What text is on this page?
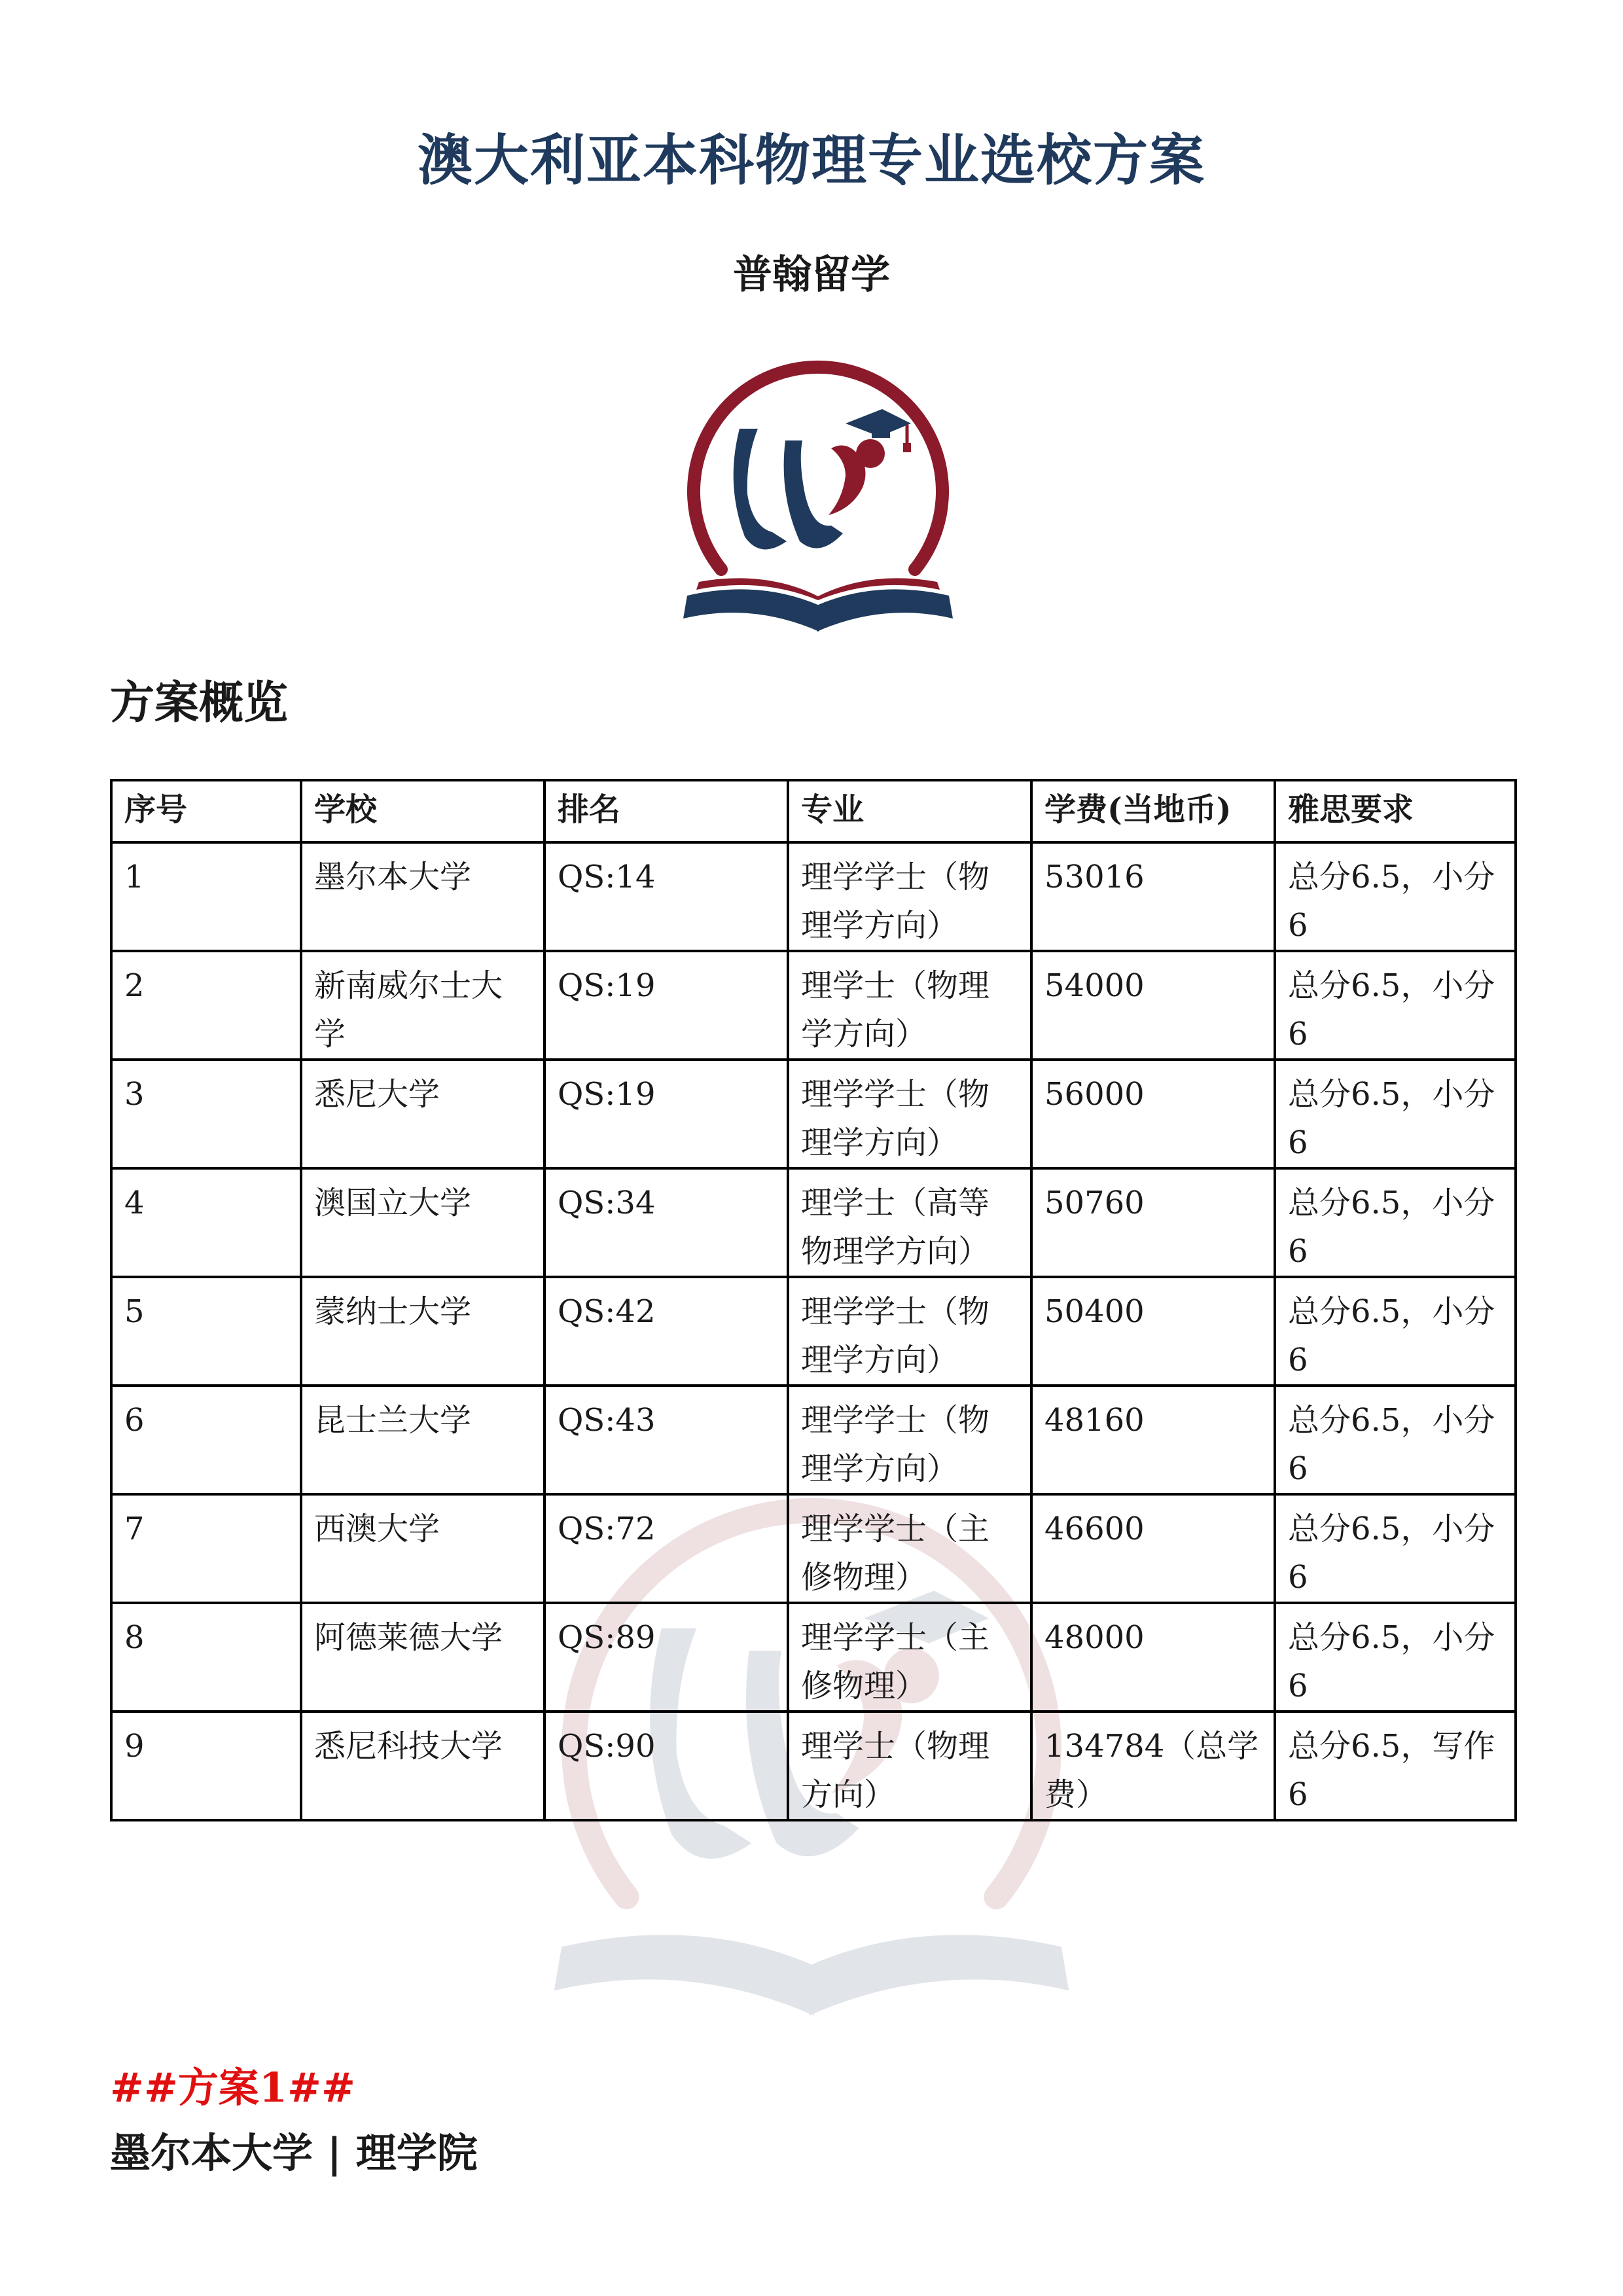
澳大利亚本科物理专业选校方案
普翰留学
方案概览
序号	学校	排名	专业	学费(当地币)	雅思要求
1	墨尔本大学	QS:14	理学学士（物理学方向）	53016	总分6.5，小分6
2	新南威尔士大学	QS:19	理学士（物理学方向）	54000	总分6.5，小分6
3	悉尼大学	QS:19	理学学士（物理学方向）	56000	总分6.5，小分6
4	澳国立大学	QS:34	理学士（高等物理学方向）	50760	总分6.5，小分6
5	蒙纳士大学	QS:42	理学学士（物理学方向）	50400	总分6.5，小分6
6	昆士兰大学	QS:43	理学学士（物理学方向）	48160	总分6.5，小分6
7	西澳大学	QS:72	理学学士（主修物理）	46600	总分6.5，小分6
8	阿德莱德大学	QS:89	理学学士（主修物理）	48000	总分6.5，小分6
9	悉尼科技大学	QS:90	理学士（物理方向）	134784（总学费）	总分6.5，写作6
##方案1##
墨尔本大学 | 理学院
